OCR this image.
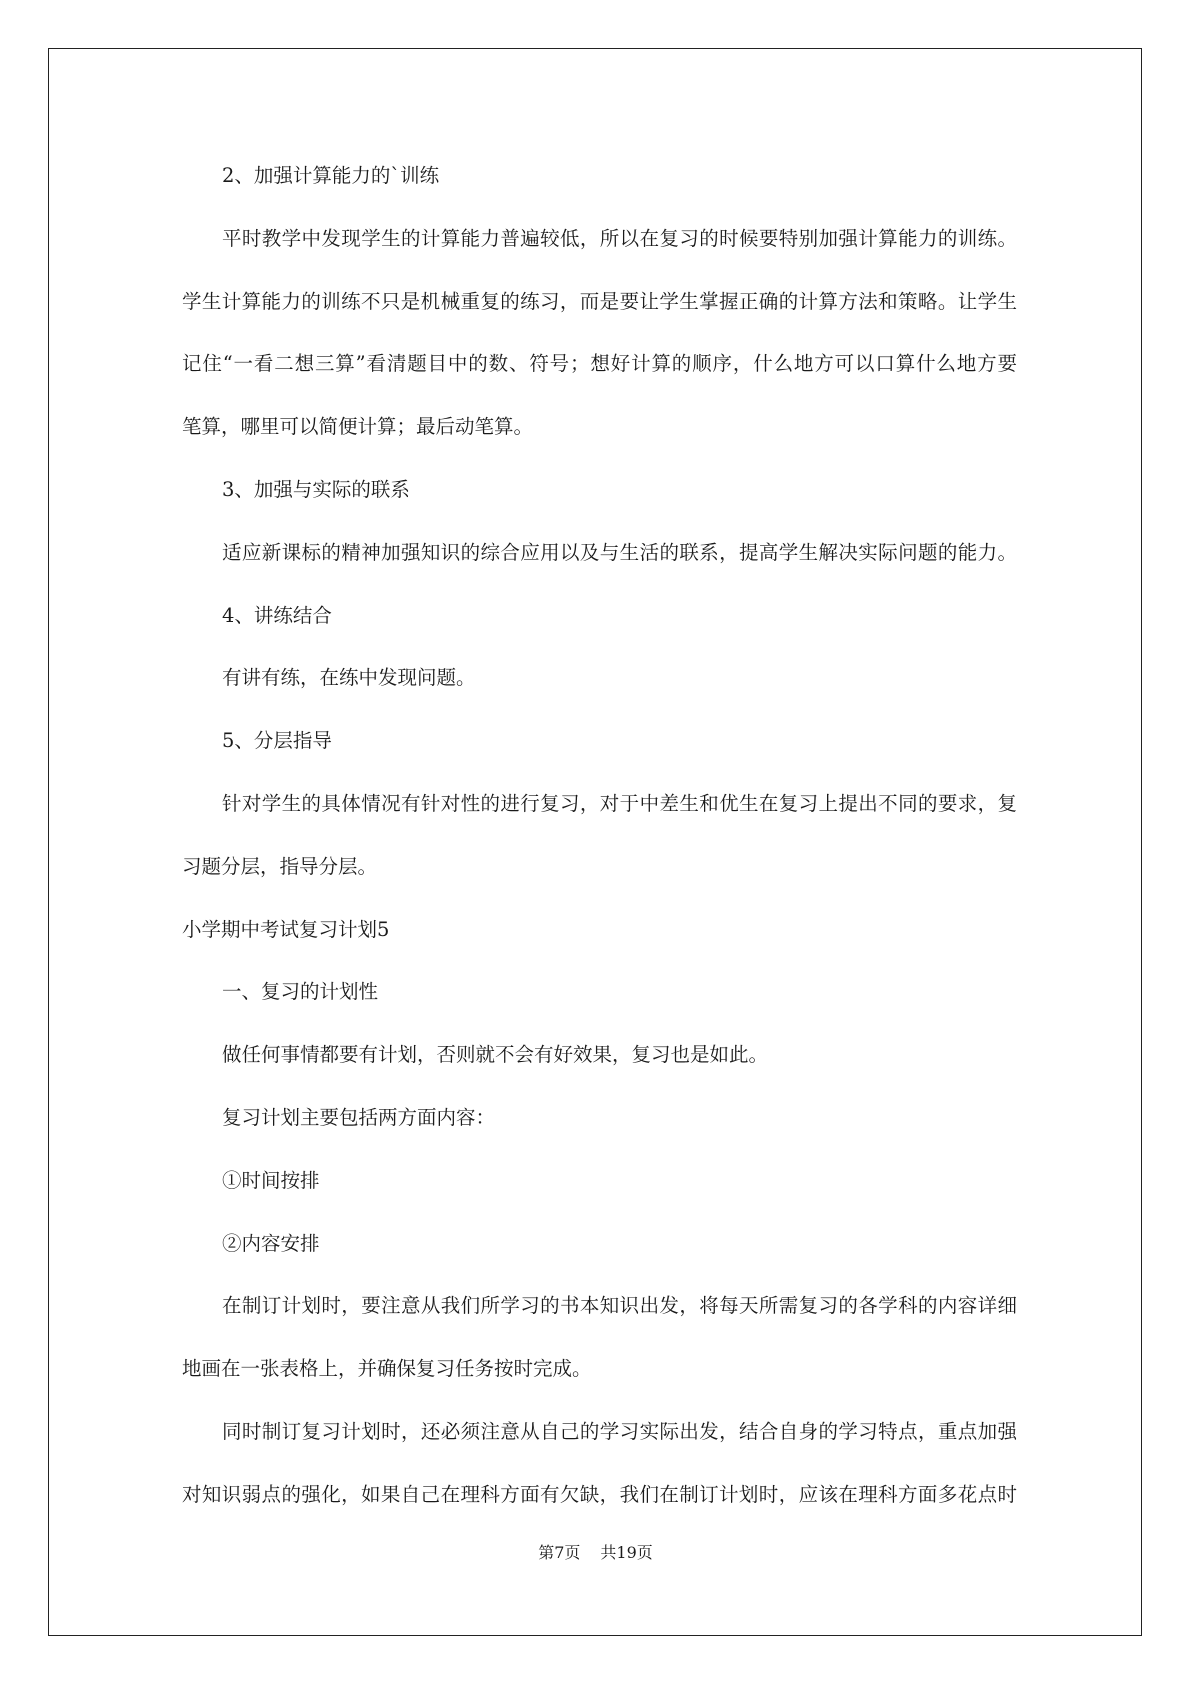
2、加强计算能力的`训练
平时教学中发现学生的计算能力普遍较低，所以在复习的时候要特别加强计算能力的训练。
学生计算能力的训练不只是机械重复的练习，而是要让学生掌握正确的计算方法和策略。让学生
记住“一看二想三算”看清题目中的数、符号；想好计算的顺序，什么地方可以口算什么地方要
笔算，哪里可以简便计算；最后动笔算。
3、加强与实际的联系
适应新课标的精神加强知识的综合应用以及与生活的联系，提高学生解决实际问题的能力。
4、讲练结合
有讲有练，在练中发现问题。
5、分层指导
针对学生的具体情况有针对性的进行复习，对于中差生和优生在复习上提出不同的要求，复
习题分层，指导分层。
小学期中考试复习计划5
一、复习的计划性
做任何事情都要有计划，否则就不会有好效果，复习也是如此。
复习计划主要包括两方面内容：
①时间按排
②内容安排
在制订计划时，要注意从我们所学习的书本知识出发，将每天所需复习的各学科的内容详细
地画在一张表格上，并确保复习任务按时完成。
同时制订复习计划时，还必须注意从自己的学习实际出发，结合自身的学习特点，重点加强
对知识弱点的强化，如果自己在理科方面有欠缺，我们在制订计划时，应该在理科方面多花点时
第7页 共19页
